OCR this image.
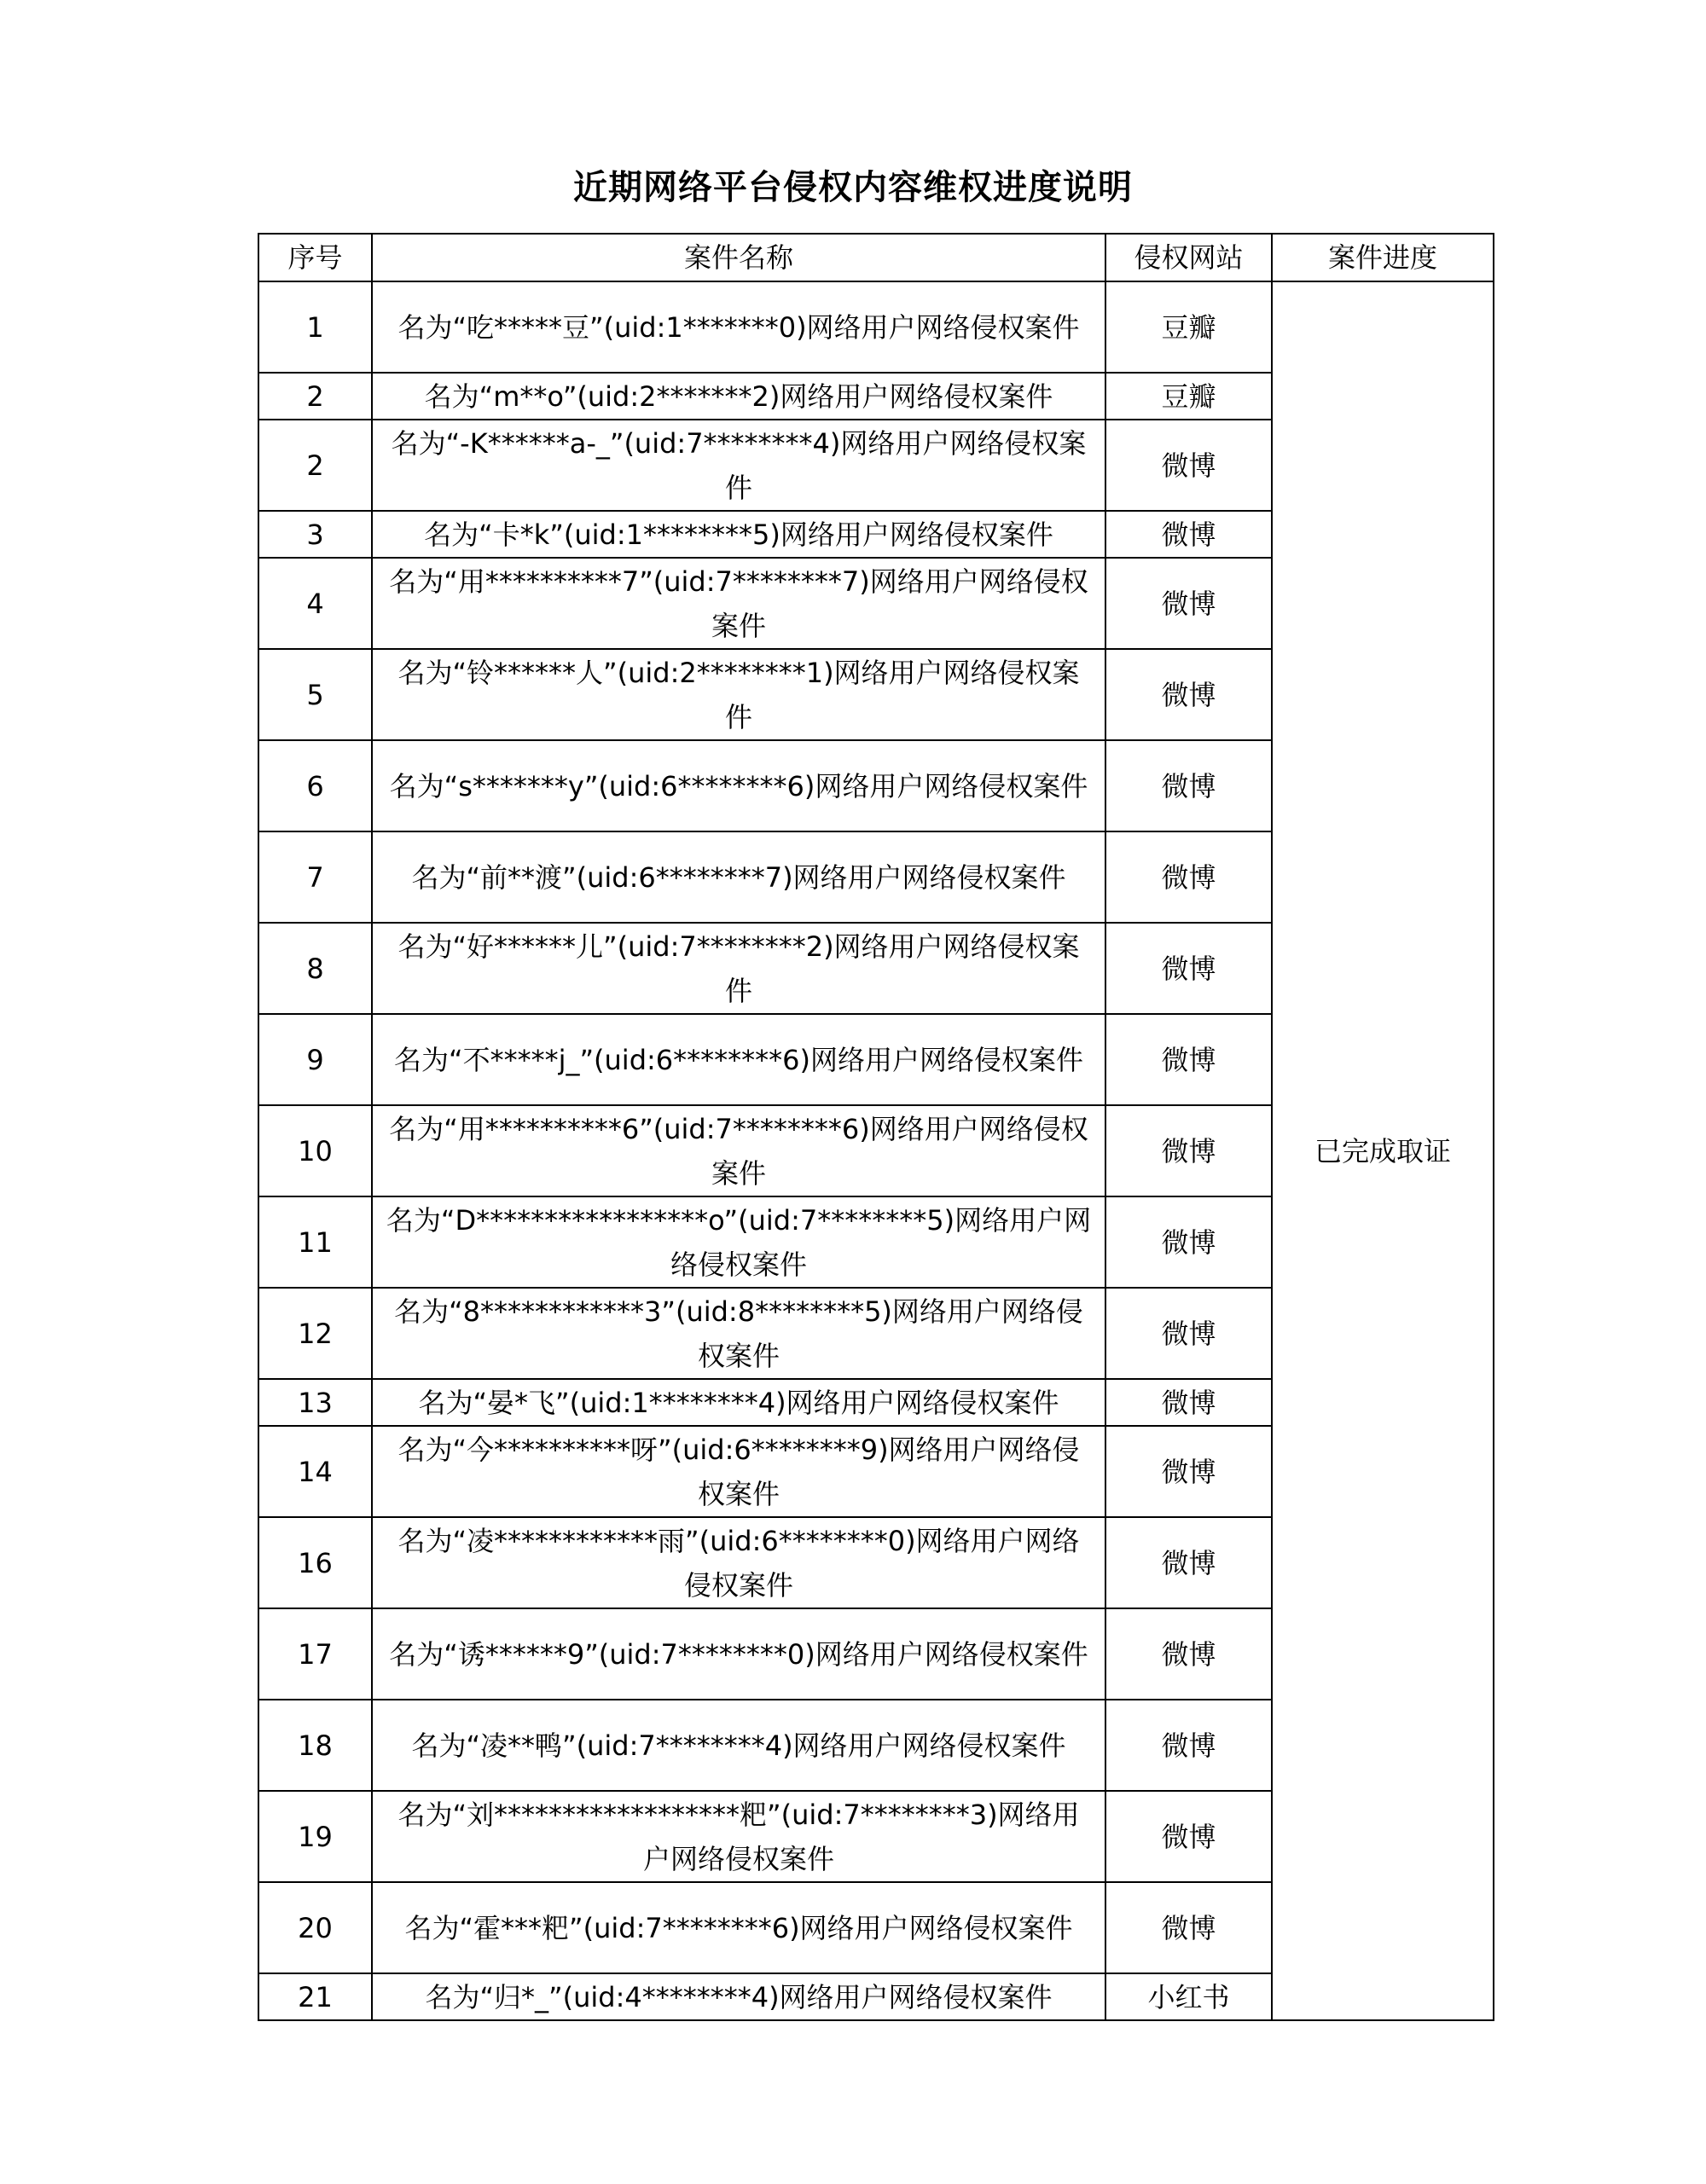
近期网络平台侵权内容维权进度说明
序号	案件名称	侵权网站	案件进度
1	名为“吃*****豆”(uid:1*******0)网络用户网络侵权案件	豆瓣	已完成取证
2	名为“m**o”(uid:2*******2)网络用户网络侵权案件	豆瓣	
2	名为“-K******a-_”(uid:7********4)网络用户网络侵权案件	微博	
3	名为“卡*k”(uid:1********5)网络用户网络侵权案件	微博	
4	名为“用**********7”(uid:7********7)网络用户网络侵权案件	微博	
5	名为“铃******人”(uid:2********1)网络用户网络侵权案件	微博	
6	名为“s*******y”(uid:6********6)网络用户网络侵权案件	微博	
7	名为“前**渡”(uid:6********7)网络用户网络侵权案件	微博	
8	名为“好******儿”(uid:7********2)网络用户网络侵权案件	微博	
9	名为“不*****j_”(uid:6********6)网络用户网络侵权案件	微博	
10	名为“用**********6”(uid:7********6)网络用户网络侵权案件	微博	
11	名为“D*****************o”(uid:7********5)网络用户网络侵权案件	微博	
12	名为“8************3”(uid:8********5)网络用户网络侵权案件	微博	
13	名为“晏*飞”(uid:1********4)网络用户网络侵权案件	微博	
14	名为“今**********呀”(uid:6********9)网络用户网络侵权案件	微博	
16	名为“凌************雨”(uid:6********0)网络用户网络侵权案件	微博	
17	名为“诱******9”(uid:7********0)网络用户网络侵权案件	微博	
18	名为“凌**鸭”(uid:7********4)网络用户网络侵权案件	微博	
19	名为“刘******************粑”(uid:7********3)网络用户网络侵权案件	微博	
20	名为“霍***粑”(uid:7********6)网络用户网络侵权案件	微博	
21	名为“归*_”(uid:4********4)网络用户网络侵权案件	小红书	
